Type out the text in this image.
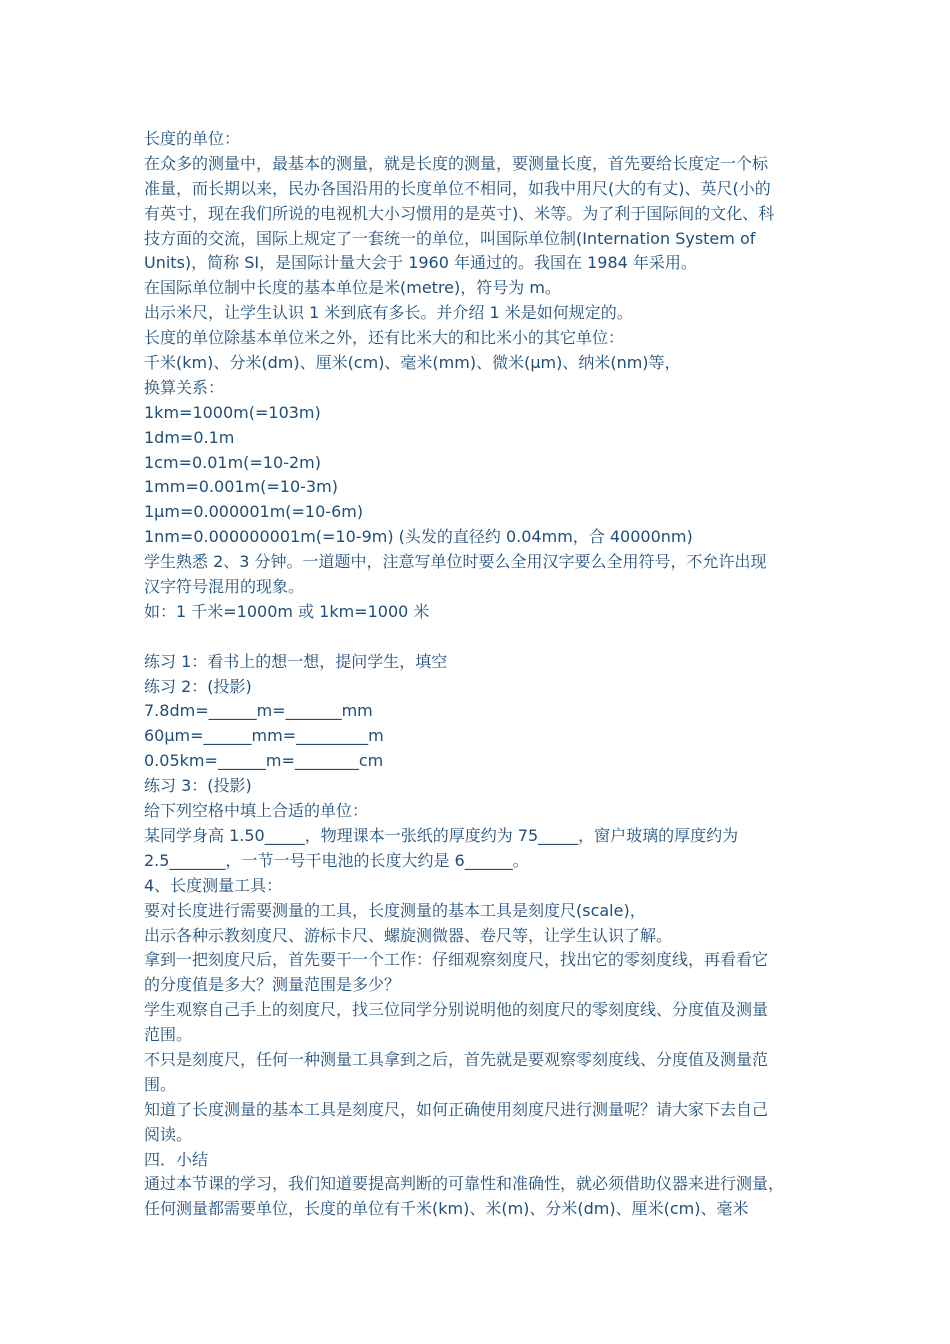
长度的单位：
在众多的测量中，最基本的测量，就是长度的测量，要测量长度，首先要给长度定一个标
准量，而长期以来，民办各国沿用的长度单位不相同，如我中用尺(大的有丈)、英尺(小的
有英寸，现在我们所说的电视机大小习惯用的是英寸)、米等。为了利于国际间的文化、科
技方面的交流，国际上规定了一套统一的单位，叫国际单位制(Internation System of
Units)，简称 SI，是国际计量大会于 1960 年通过的。我国在 1984 年采用。
在国际单位制中长度的基本单位是米(metre)，符号为 m。
出示米尺，让学生认识 1 米到底有多长。并介绍 1 米是如何规定的。
长度的单位除基本单位米之外，还有比米大的和比米小的其它单位：
千米(km)、分米(dm)、厘米(cm)、毫米(mm)、微米(μm)、纳米(nm)等，
换算关系：
1km=1000m(=103m)
1dm=0.1m
1cm=0.01m(=10-2m)
1mm=0.001m(=10-3m)
1μm=0.000001m(=10-6m)
1nm=0.000000001m(=10-9m) (头发的直径约 0.04mm，合 40000nm)
学生熟悉 2、3 分钟。一道题中，注意写单位时要么全用汉字要么全用符号，不允许出现
汉字符号混用的现象。
如：1 千米=1000m 或 1km=1000 米
练习 1：看书上的想一想，提问学生，填空
练习 2：(投影)
7.8dm=______m=_______mm
60μm=______mm=_________m
0.05km=______m=________cm
练习 3：(投影)
给下列空格中填上合适的单位：
某同学身高 1.50_____，物理课本一张纸的厚度约为 75_____，窗户玻璃的厚度约为
2.5_______，一节一号干电池的长度大约是 6______。
4、长度测量工具：
要对长度进行需要测量的工具，长度测量的基本工具是刻度尺(scale)，
出示各种示教刻度尺、游标卡尺、螺旋测微器、卷尺等，让学生认识了解。
拿到一把刻度尺后，首先要干一个工作：仔细观察刻度尺，找出它的零刻度线，再看看它
的分度值是多大？测量范围是多少？
学生观察自己手上的刻度尺，找三位同学分别说明他的刻度尺的零刻度线、分度值及测量
范围。
不只是刻度尺，任何一种测量工具拿到之后，首先就是要观察零刻度线、分度值及测量范
围。
知道了长度测量的基本工具是刻度尺，如何正确使用刻度尺进行测量呢？请大家下去自己
阅读。
四．小结
通过本节课的学习，我们知道要提高判断的可靠性和准确性，就必须借助仪器来进行测量，
任何测量都需要单位，长度的单位有千米(km)、米(m)、分米(dm)、厘米(cm)、毫米
